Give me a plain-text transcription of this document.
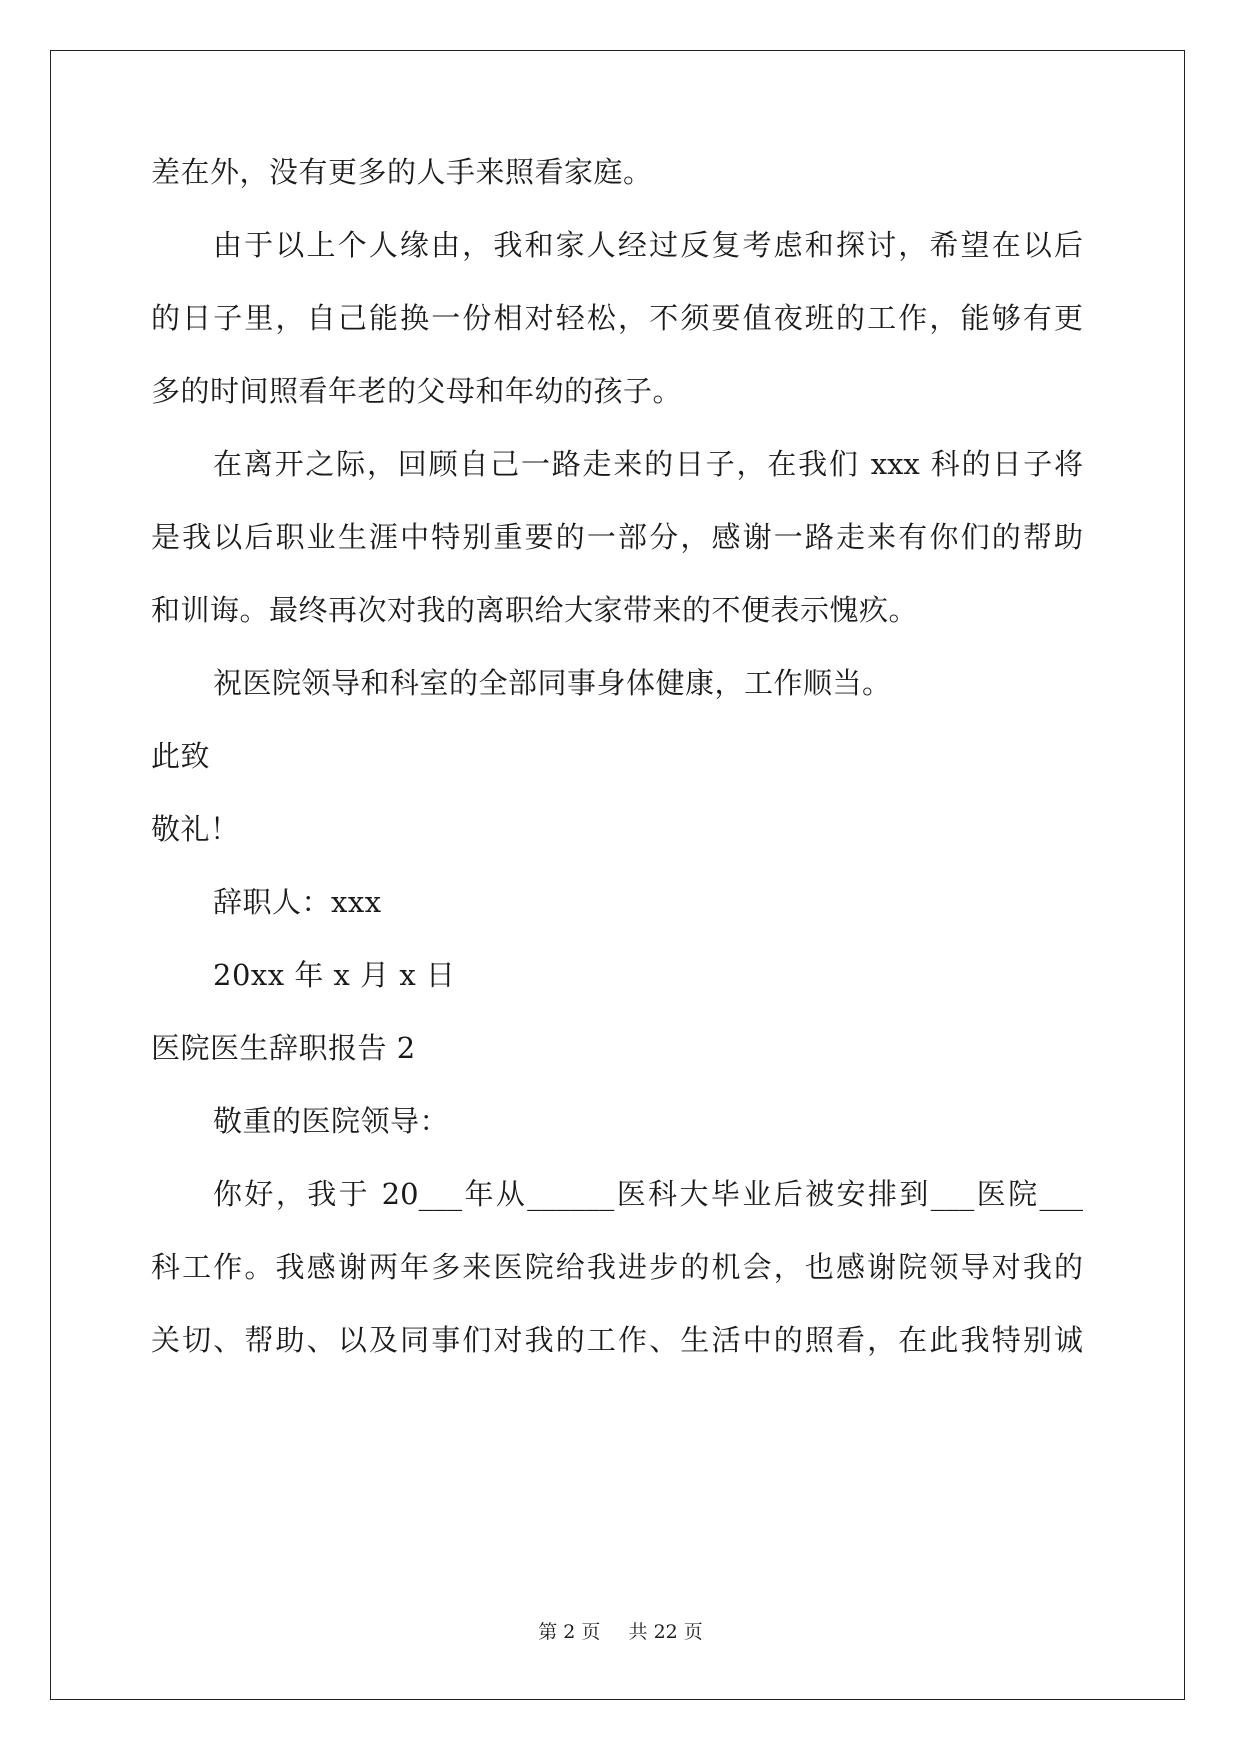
差在外，没有更多的人手来照看家庭。
由于以上个人缘由，我和家人经过反复考虑和探讨，希望在以后
的日子里，自己能换一份相对轻松，不须要值夜班的工作，能够有更
多的时间照看年老的父母和年幼的孩子。
在离开之际，回顾自己一路走来的日子，在我们 xxx 科的日子将
是我以后职业生涯中特别重要的一部分，感谢一路走来有你们的帮助
和训诲。最终再次对我的离职给大家带来的不便表示愧疚。
祝医院领导和科室的全部同事身体健康，工作顺当。
此致
敬礼！
辞职人：xxx
20xx 年 x 月 x 日
医院医生辞职报告 2
敬重的医院领导：
你好，我于 20___年从______医科大毕业后被安排到___医院___
科工作。我感谢两年多来医院给我进步的机会，也感谢院领导对我的
关切、帮助、以及同事们对我的工作、生活中的照看，在此我特别诚
第 2 页 共 22 页
